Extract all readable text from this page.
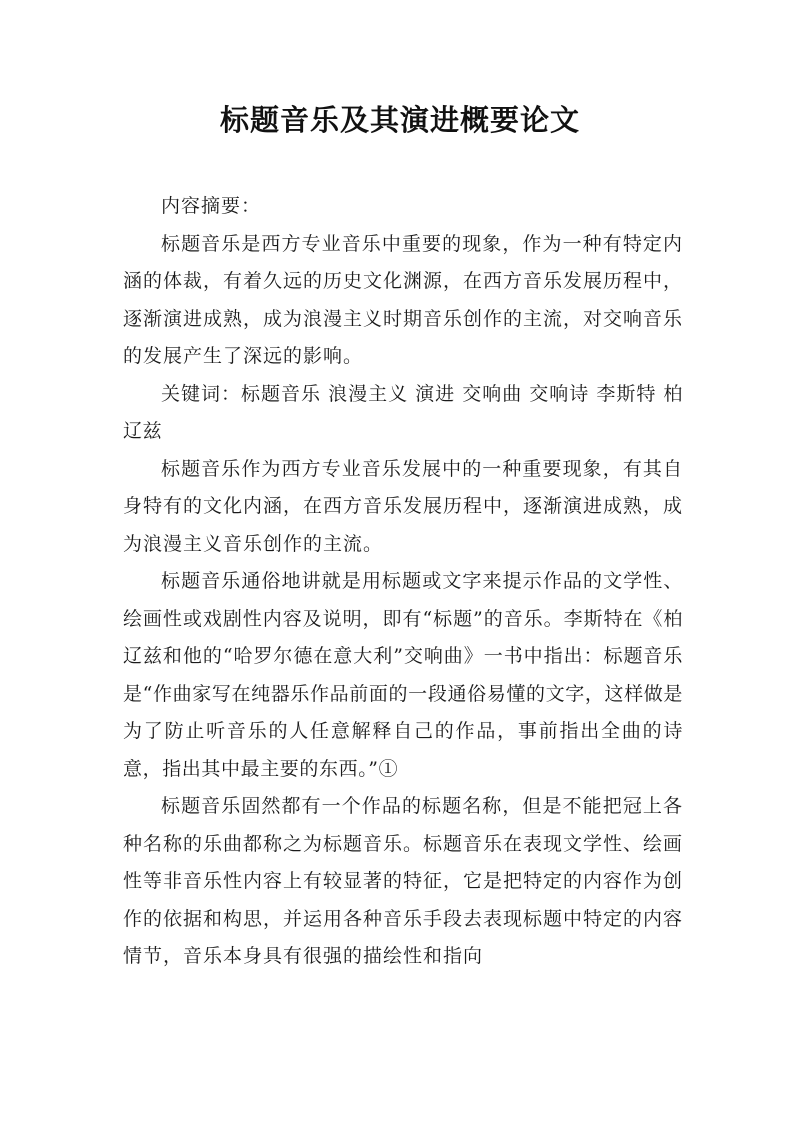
标题音乐及其演进概要论文

内容摘要：

标题音乐是西方专业音乐中重要的现象，作为一种有特定内涵的体裁，有着久远的历史文化渊源，在西方音乐发展历程中，逐渐演进成熟，成为浪漫主义时期音乐创作的主流，对交响音乐的发展产生了深远的影响。

关键词：标题音乐 浪漫主义 演进 交响曲 交响诗 李斯特 柏辽兹

标题音乐作为西方专业音乐发展中的一种重要现象，有其自身特有的文化内涵，在西方音乐发展历程中，逐渐演进成熟，成为浪漫主义音乐创作的主流。

标题音乐通俗地讲就是用标题或文字来提示作品的文学性、绘画性或戏剧性内容及说明，即有“标题”的音乐。李斯特在《柏辽兹和他的“哈罗尔德在意大利”交响曲》一书中指出：标题音乐是“作曲家写在纯器乐作品前面的一段通俗易懂的文字，这样做是为了防止听音乐的人任意解释自己的作品，事前指出全曲的诗意，指出其中最主要的东西。”①

标题音乐固然都有一个作品的标题名称，但是不能把冠上各种名称的乐曲都称之为标题音乐。标题音乐在表现文学性、绘画性等非音乐性内容上有较显著的特征，它是把特定的内容作为创作的依据和构思，并运用各种音乐手段去表现标题中特定的内容情节，音乐本身具有很强的描绘性和指向
